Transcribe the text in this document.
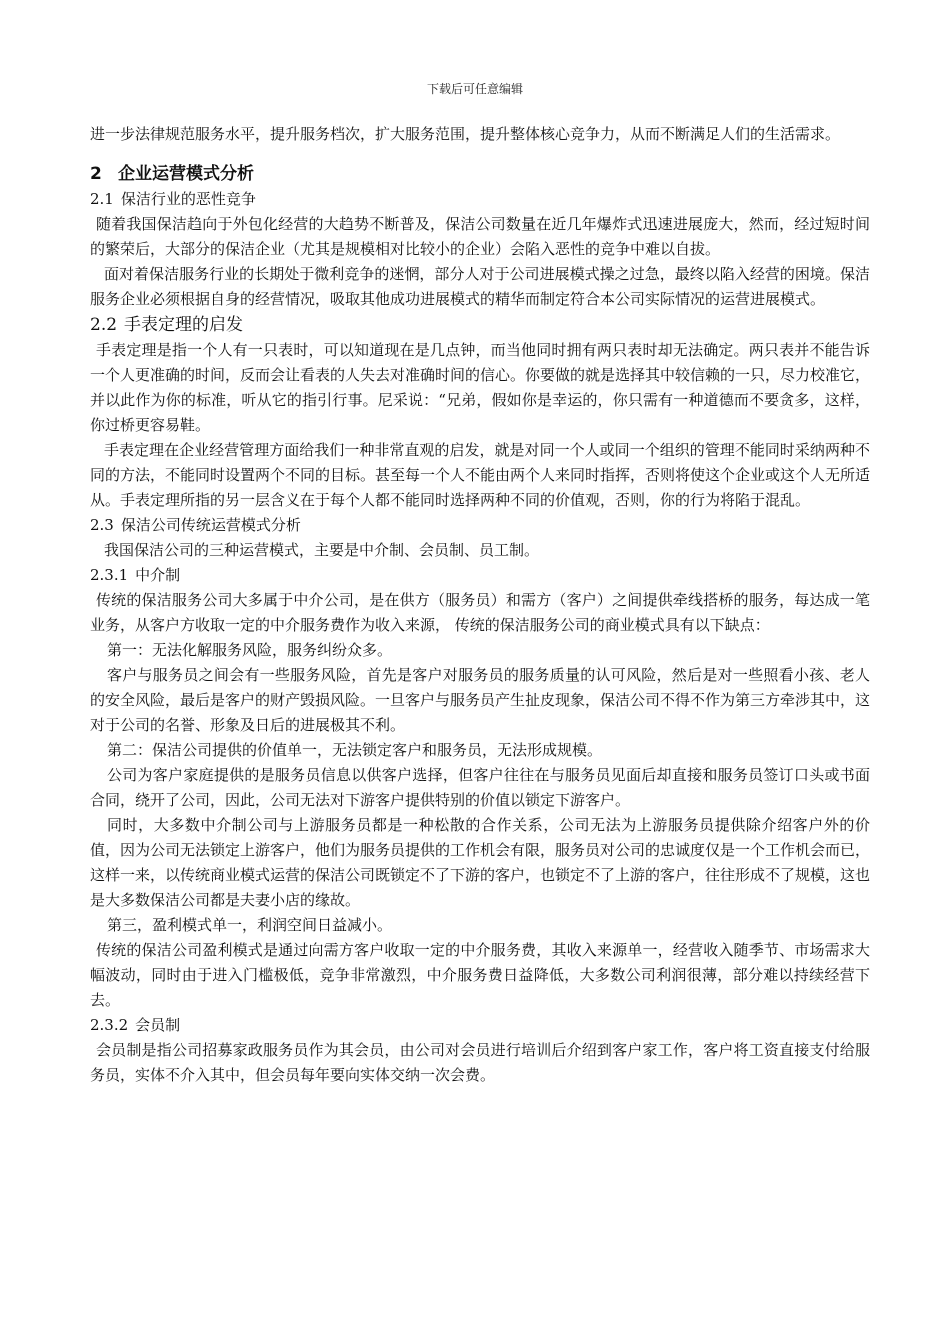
下载后可任意编辑

进一步法律规范服务水平，提升服务档次，扩大服务范围，提升整体核心竞争力，从而不断满足人们的生活需求。

2 企业运营模式分析
2.1 保洁行业的恶性竞争

随着我国保洁趋向于外包化经营的大趋势不断普及，保洁公司数量在近几年爆炸式迅速进展庞大，然而，经过短时间的繁荣后，大部分的保洁企业（尤其是规模相对比较小的企业）会陷入恶性的竞争中难以自拔。

面对着保洁服务行业的长期处于微利竞争的迷惘，部分人对于公司进展模式操之过急，最终以陷入经营的困境。保洁服务企业必须根据自身的经营情况，吸取其他成功进展模式的精华而制定符合本公司实际情况的运营进展模式。

2.2 手表定理的启发

手表定理是指一个人有一只表时，可以知道现在是几点钟，而当他同时拥有两只表时却无法确定。两只表并不能告诉一个人更准确的时间，反而会让看表的人失去对准确时间的信心。你要做的就是选择其中较信赖的一只，尽力校准它，并以此作为你的标准，听从它的指引行事。尼采说：“兄弟，假如你是幸运的，你只需有一种道德而不要贪多，这样，你过桥更容易鞋。

手表定理在企业经营管理方面给我们一种非常直观的启发，就是对同一个人或同一个组织的管理不能同时采纳两种不同的方法，不能同时设置两个不同的目标。甚至每一个人不能由两个人来同时指挥，否则将使这个企业或这个人无所适从。手表定理所指的另一层含义在于每个人都不能同时选择两种不同的价值观，否则，你的行为将陷于混乱。

2.3 保洁公司传统运营模式分析

我国保洁公司的三种运营模式，主要是中介制、会员制、员工制。

2.3.1 中介制

传统的保洁服务公司大多属于中介公司，是在供方（服务员）和需方（客户）之间提供牵线搭桥的服务，每达成一笔业务，从客户方收取一定的中介服务费作为收入来源， 传统的保洁服务公司的商业模式具有以下缺点：

第一：无法化解服务风险，服务纠纷众多。

客户与服务员之间会有一些服务风险，首先是客户对服务员的服务质量的认可风险，然后是对一些照看小孩、老人的安全风险，最后是客户的财产毁损风险。一旦客户与服务员产生扯皮现象，保洁公司不得不作为第三方牵涉其中，这对于公司的名誉、形象及日后的进展极其不利。

第二：保洁公司提供的价值单一，无法锁定客户和服务员，无法形成规模。

公司为客户家庭提供的是服务员信息以供客户选择，但客户往往在与服务员见面后却直接和服务员签订口头或书面合同，绕开了公司，因此，公司无法对下游客户提供特别的价值以锁定下游客户。

同时，大多数中介制公司与上游服务员都是一种松散的合作关系，公司无法为上游服务员提供除介绍客户外的价值，因为公司无法锁定上游客户，他们为服务员提供的工作机会有限，服务员对公司的忠诚度仅是一个工作机会而已，这样一来，以传统商业模式运营的保洁公司既锁定不了下游的客户，也锁定不了上游的客户，往往形成不了规模，这也是大多数保洁公司都是夫妻小店的缘故。

第三，盈利模式单一，利润空间日益减小。

传统的保洁公司盈利模式是通过向需方客户收取一定的中介服务费，其收入来源单一，经营收入随季节、市场需求大幅波动，同时由于进入门槛极低，竞争非常激烈，中介服务费日益降低，大多数公司利润很薄，部分难以持续经营下去。

2.3.2 会员制

会员制是指公司招募家政服务员作为其会员，由公司对会员进行培训后介绍到客户家工作，客户将工资直接支付给服务员，实体不介入其中，但会员每年要向实体交纳一次会费。
